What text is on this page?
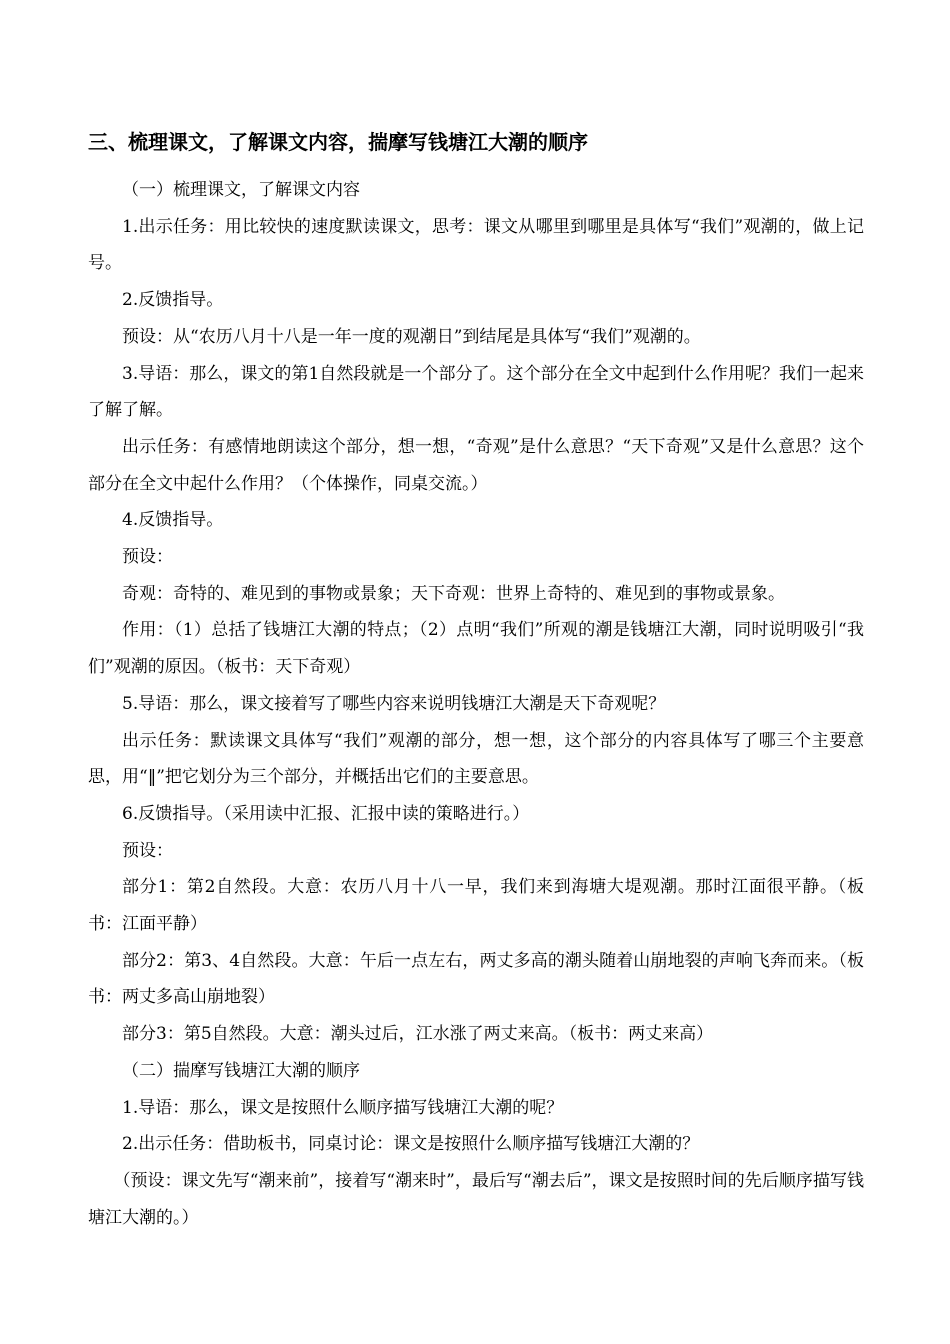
三、梳理课文，了解课文内容，揣摩写钱塘江大潮的顺序

（一）梳理课文，了解课文内容

1.出示任务：用比较快的速度默读课文，思考：课文从哪里到哪里是具体写“我们”观潮的，做上记号。

2.反馈指导。

预设：从“农历八月十八是一年一度的观潮日”到结尾是具体写“我们”观潮的。

3.导语：那么，课文的第1自然段就是一个部分了。这个部分在全文中起到什么作用呢？我们一起来了解了解。

出示任务：有感情地朗读这个部分，想一想，“奇观”是什么意思？“天下奇观”又是什么意思？这个部分在全文中起什么作用？（个体操作，同桌交流。）

4.反馈指导。

预设：

奇观：奇特的、难见到的事物或景象；天下奇观：世界上奇特的、难见到的事物或景象。

作用：（1）总括了钱塘江大潮的特点；（2）点明“我们”所观的潮是钱塘江大潮，同时说明吸引“我们”观潮的原因。（板书：天下奇观）

5.导语：那么，课文接着写了哪些内容来说明钱塘江大潮是天下奇观呢？

出示任务：默读课文具体写“我们”观潮的部分，想一想，这个部分的内容具体写了哪三个主要意思，用“‖”把它划分为三个部分，并概括出它们的主要意思。

6.反馈指导。（采用读中汇报、汇报中读的策略进行。）

预设：

部分1：第2自然段。大意：农历八月十八一早，我们来到海塘大堤观潮。那时江面很平静。（板书：江面平静）

部分2：第3、4自然段。大意：午后一点左右，两丈多高的潮头随着山崩地裂的声响飞奔而来。（板书：两丈多高山崩地裂）

部分3：第5自然段。大意：潮头过后，江水涨了两丈来高。（板书：两丈来高）

（二）揣摩写钱塘江大潮的顺序

1.导语：那么，课文是按照什么顺序描写钱塘江大潮的呢？

2.出示任务：借助板书，同桌讨论：课文是按照什么顺序描写钱塘江大潮的？

（预设：课文先写“潮来前”，接着写“潮来时”，最后写“潮去后”，课文是按照时间的先后顺序描写钱塘江大潮的。）
